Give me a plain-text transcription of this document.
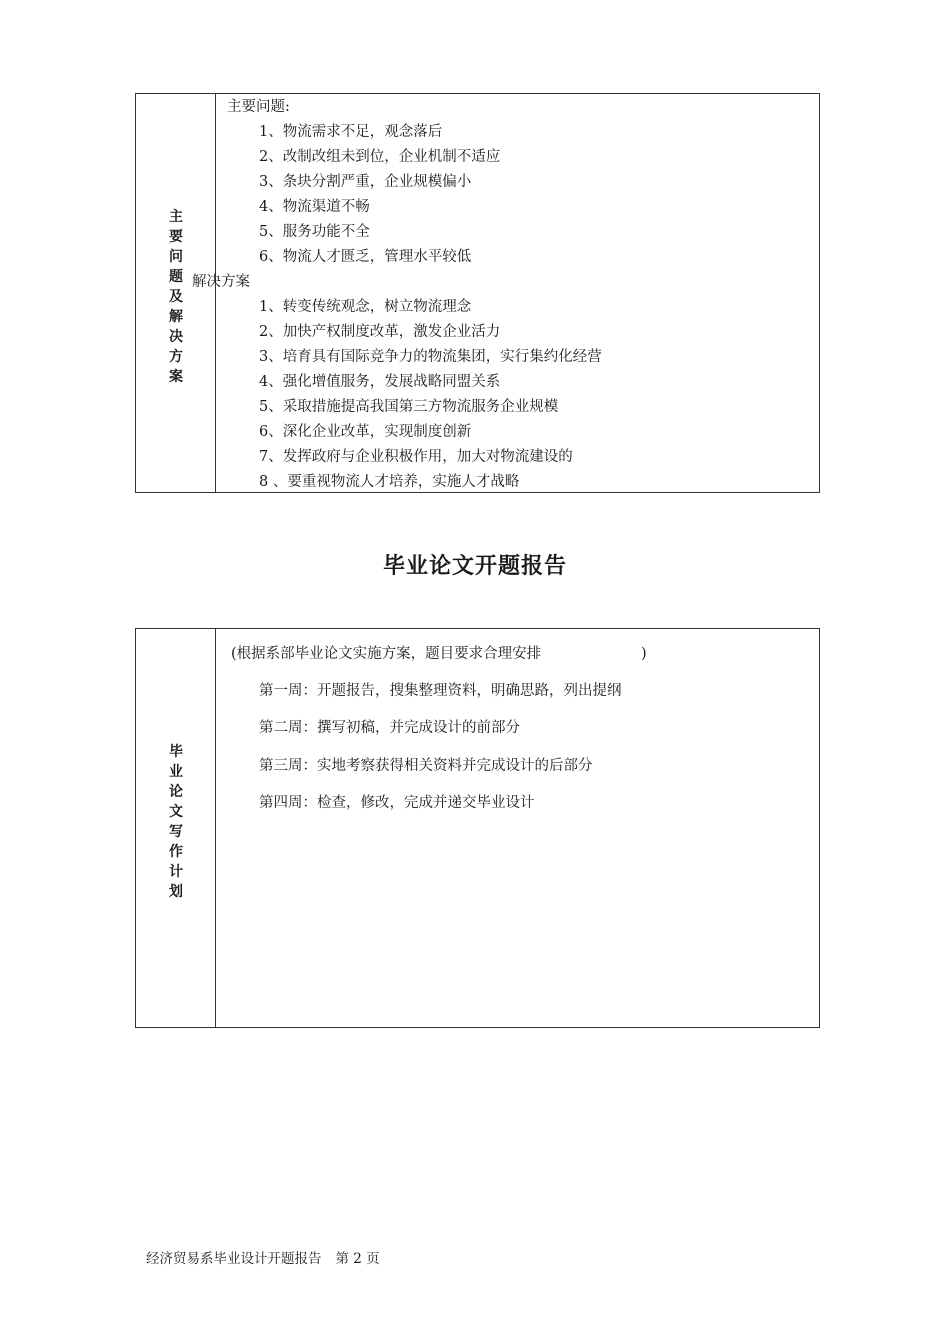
主
要
问
题
及
解
决
方
案
主要问题:
1、物流需求不足，观念落后
2、改制改组未到位，企业机制不适应
3、条块分割严重，企业规模偏小
4、物流渠道不畅
5、服务功能不全
6、物流人才匮乏，管理水平较低
解决方案
1、转变传统观念，树立物流理念
2、加快产权制度改革，激发企业活力
3、培育具有国际竞争力的物流集团，实行集约化经营
4、强化增值服务，发展战略同盟关系
5、采取措施提高我国第三方物流服务企业规模
6、深化企业改革，实现制度创新
7、发挥政府与企业积极作用，加大对物流建设的
8 、要重视物流人才培养，实施人才战略
毕业论文开题报告
毕
业
论
文
写
作
计
划
(根据系部毕业论文实施方案，题目要求合理安排	)
第一周：开题报告，搜集整理资料，明确思路，列出提纲
第二周：撰写初稿，并完成设计的前部分
第三周：实地考察获得相关资料并完成设计的后部分
第四周：检查，修改，完成并递交毕业设计
经济贸易系毕业设计开题报告 第 2 页
